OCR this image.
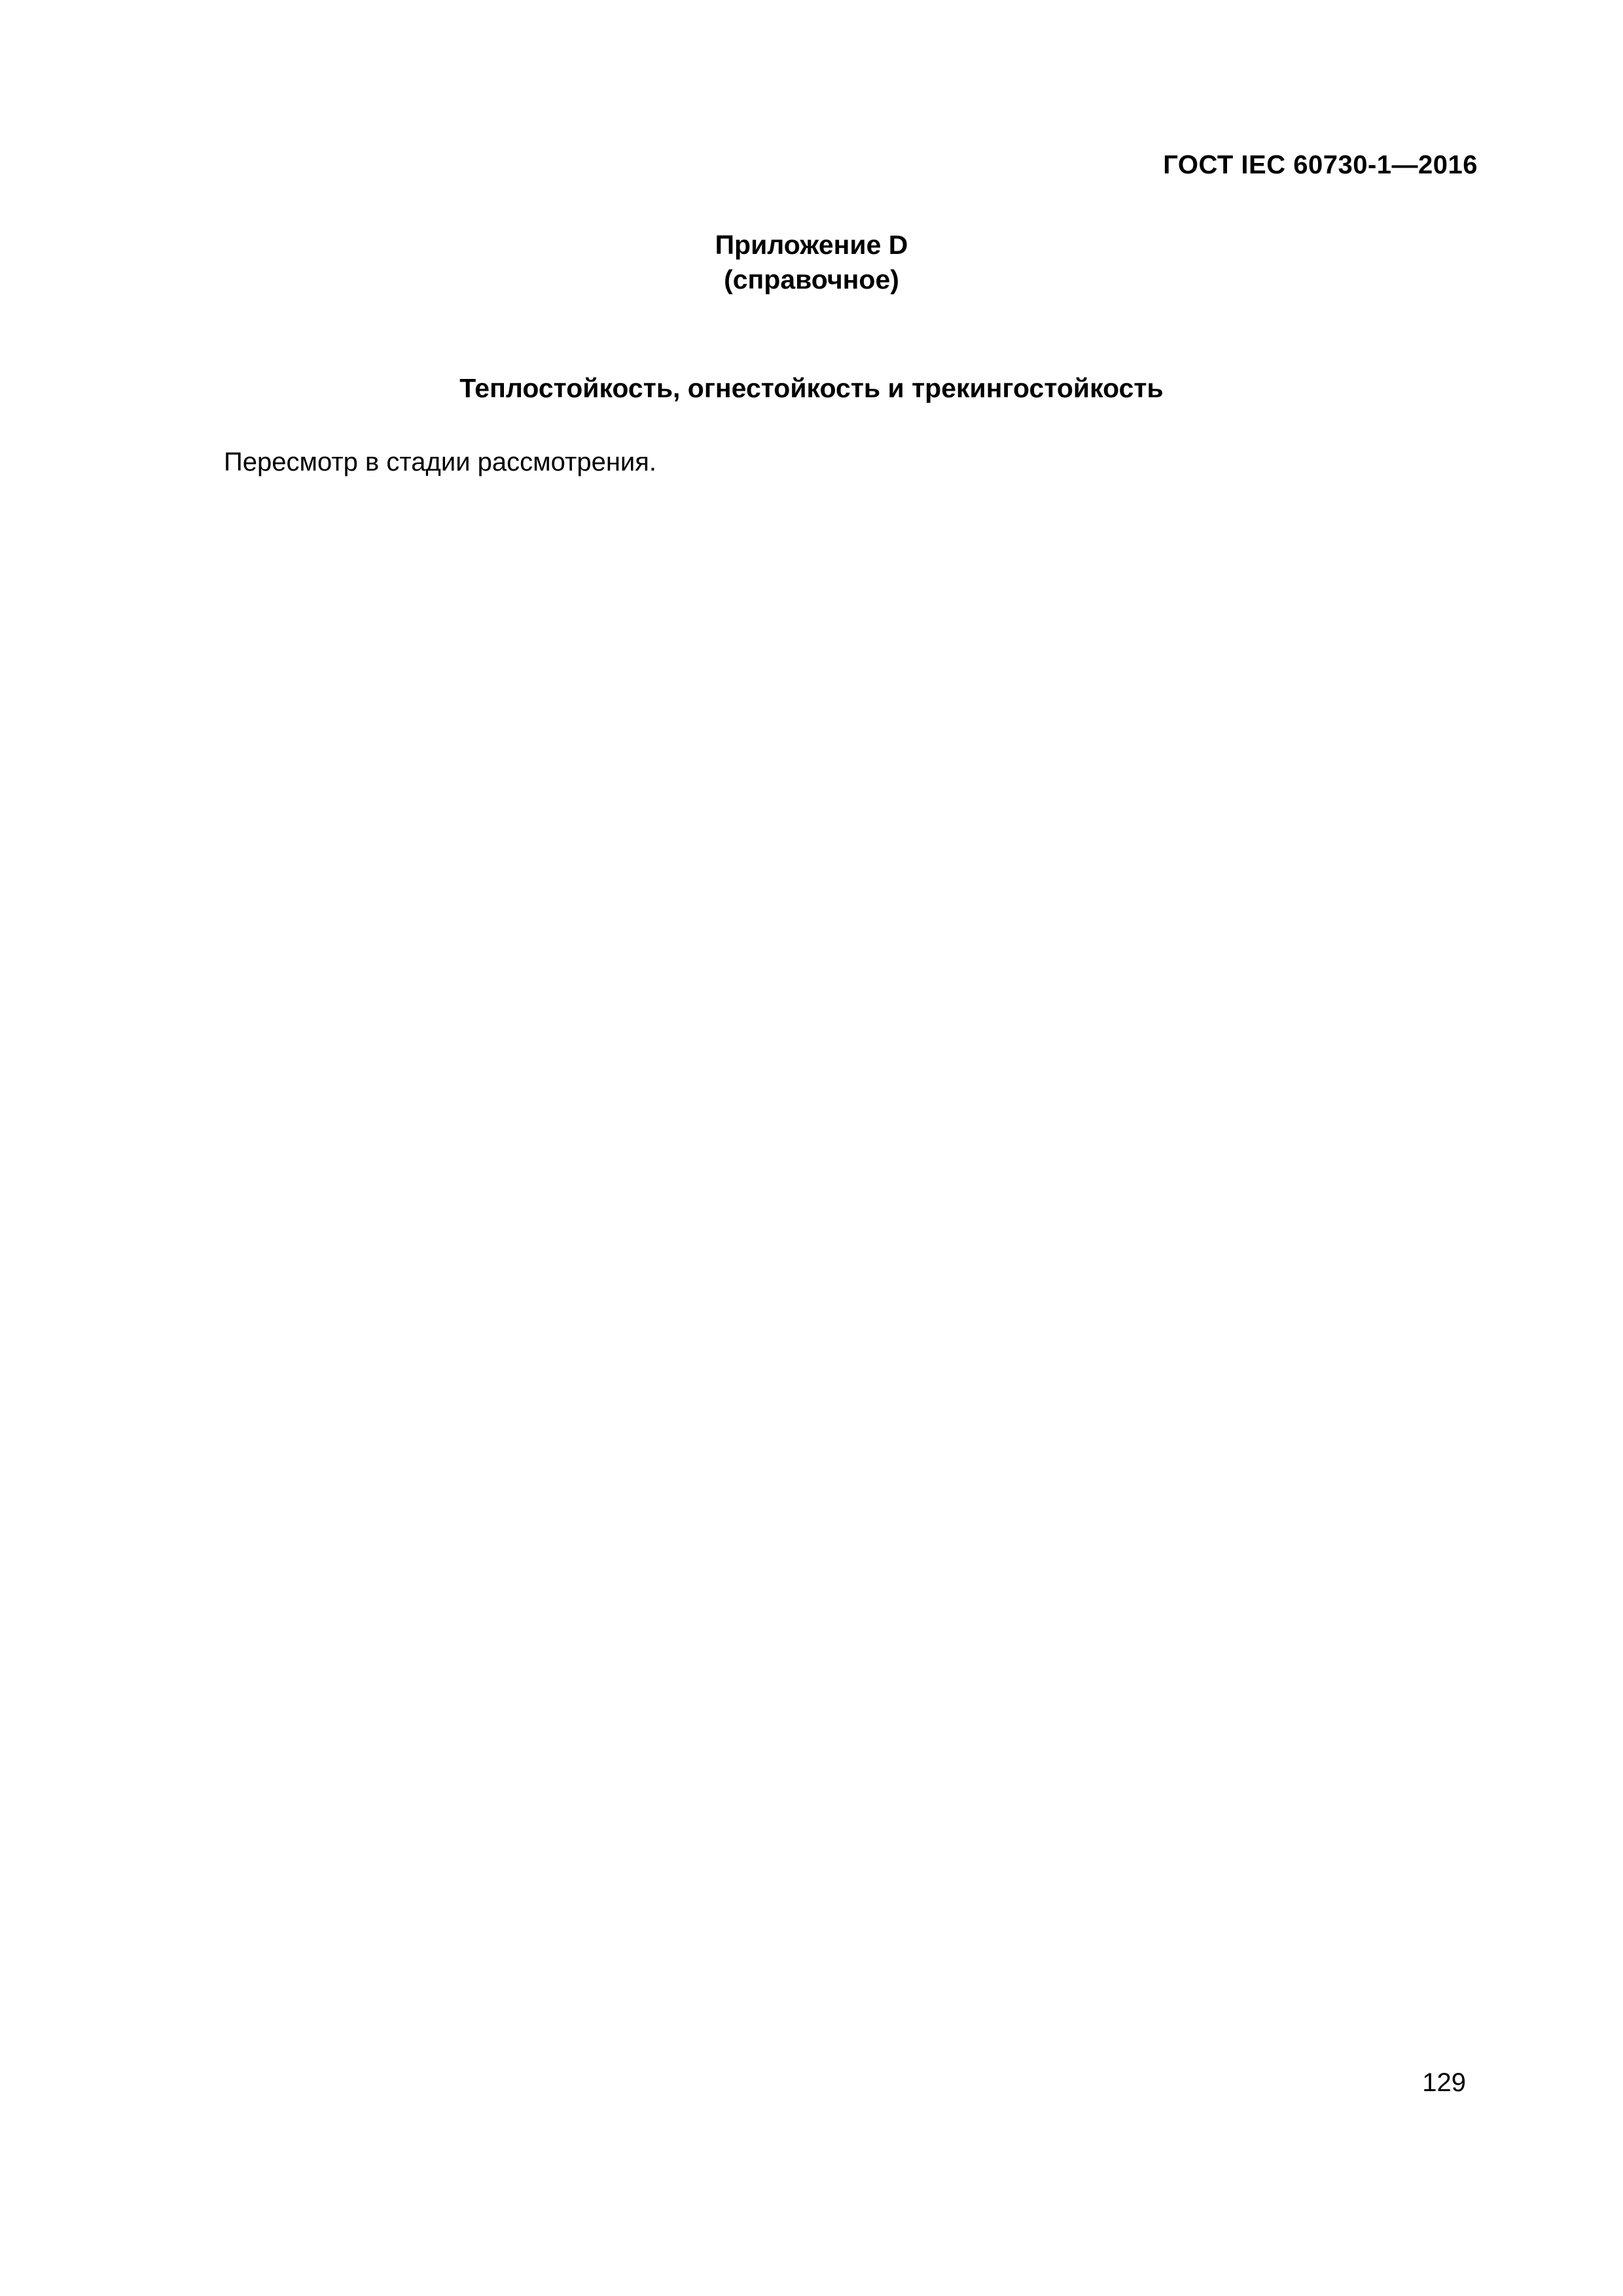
ГОСТ IEC 60730-1—2016
Приложение D
(справочное)
Теплостойкость, огнестойкость и трекингостойкость
Пересмотр в стадии рассмотрения.
129
